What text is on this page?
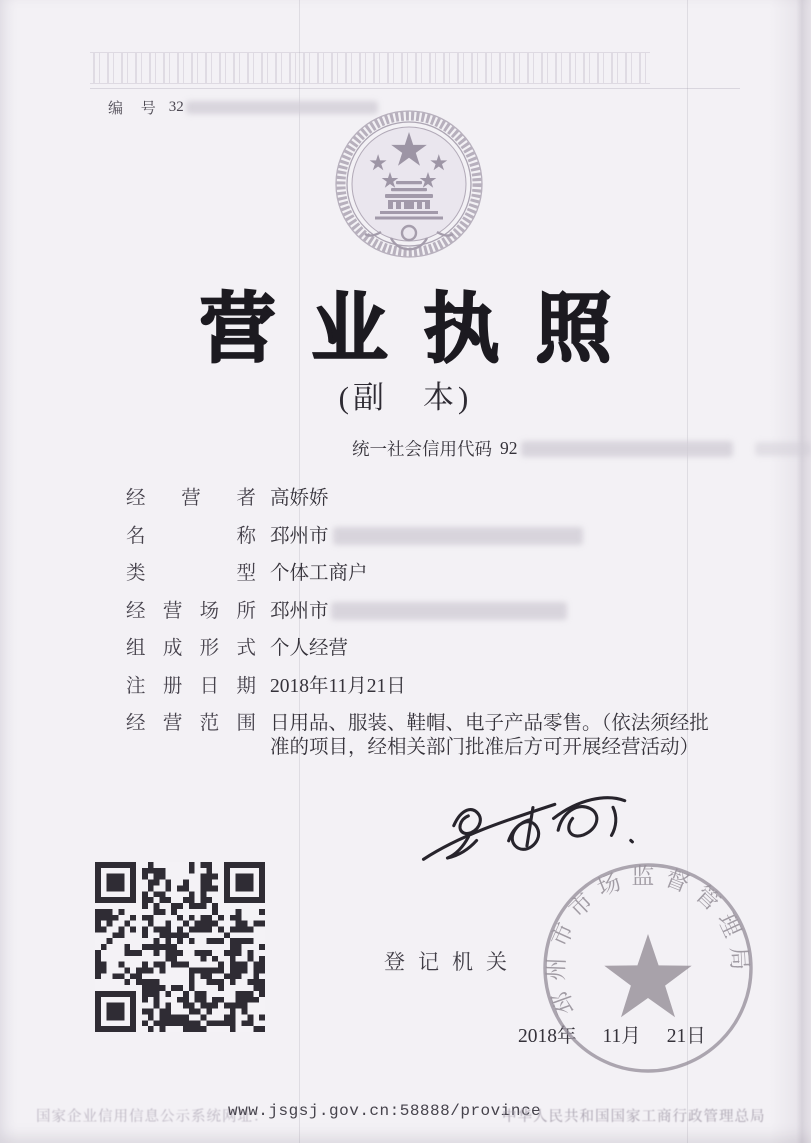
编 号 32
营业执照
(副　本)
统一社会信用代码 92
经营者 高娇娇
名称 邳州市
类型 个体工商户
经营场所 邳州市
组成形式 个人经营
注册日期 2018年11月21日
经营范围 日用品、服装、鞋帽、电子产品零售。（依法须经批准的项目，经相关部门批准后方可开展经营活动）
登记机关
2018年 11月 21日
邳州市市场监督管理局
国家企业信用信息公示系统网址：
www.jsgsj.gov.cn:58888/province
中华人民共和国国家工商行政管理总局
